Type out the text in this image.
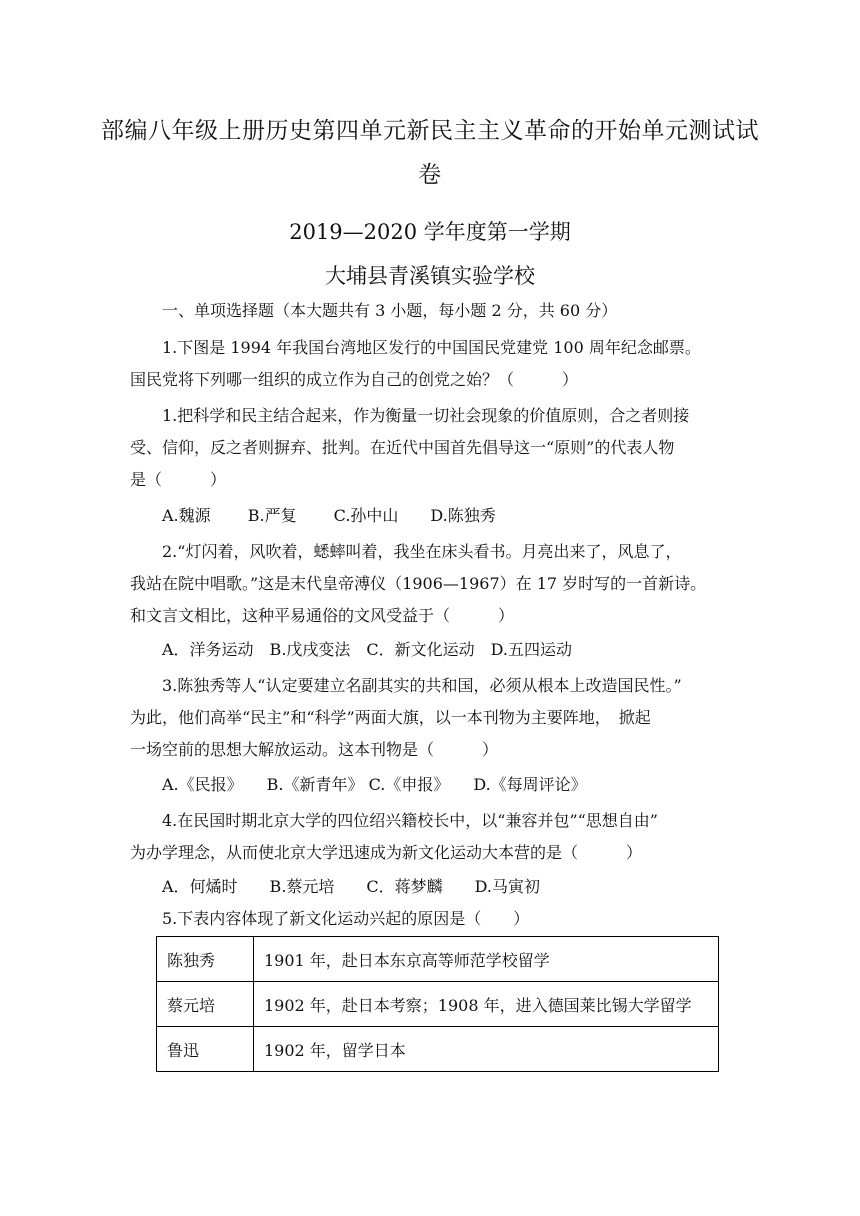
部编八年级上册历史第四单元新民主主义革命的开始单元测试试
卷
2019—2020 学年度第一学期
大埔县青溪镇实验学校
一、单项选择题（本大题共有 3 小题，每小题 2 分，共 60 分）
1.下图是 1994 年我国台湾地区发行的中国国民党建党 100 周年纪念邮票。
国民党将下列哪一组织的成立作为自己的创党之始？（　　　）
1.把科学和民主结合起来，作为衡量一切社会现象的价值原则，合之者则接
受、信仰，反之者则摒弃、批判。在近代中国首先倡导这一“原则”的代表人物
是（　　　）
A.魏源　　 B.严复　　 C.孙中山　　D.陈独秀
2.“灯闪着，风吹着，蟋蟀叫着，我坐在床头看书。月亮出来了，风息了，
我站在院中唱歌。”这是末代皇帝溥仪（1906—1967）在 17 岁时写的一首新诗。
和文言文相比，这种平易通俗的文风受益于（　　　）
A．洋务运动　B.戊戌变法　C．新文化运动　D.五四运动
3.陈独秀等人“认定要建立名副其实的共和国，必须从根本上改造国民性。”
为此，他们高举“民主”和“科学”两面大旗，以一本刊物为主要阵地，　掀起
一场空前的思想大解放运动。这本刊物是（　　　）
A.《民报》　　B.《新青年》 C.《申报》　　D.《每周评论》
4.在民国时期北京大学的四位绍兴籍校长中，以“兼容并包”“思想自由”
为办学理念，从而使北京大学迅速成为新文化运动大本营的是（　　　）
A．何燏时　　B.蔡元培　　C．蒋梦麟　　D.马寅初
5.下表内容体现了新文化运动兴起的原因是（　　）
陈独秀	1901 年，赴日本东京高等师范学校留学
蔡元培	1902 年，赴日本考察；1908 年，进入德国莱比锡大学留学
鲁迅	1902 年，留学日本
